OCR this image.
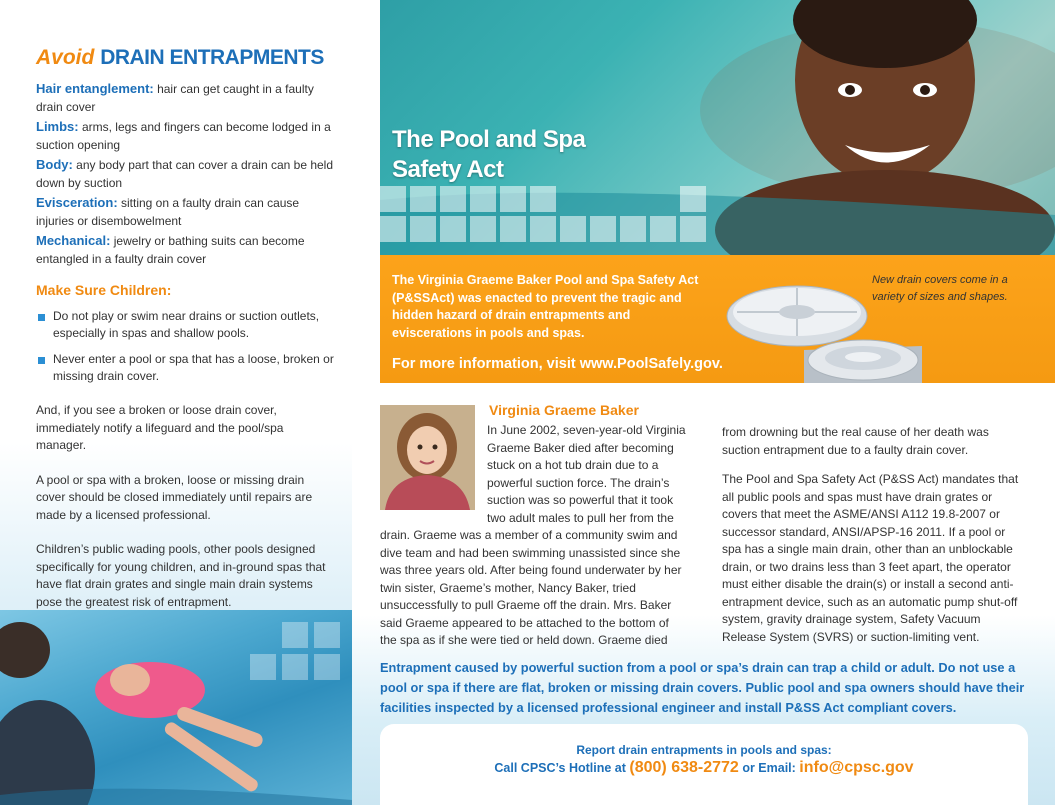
Avoid DRAIN ENTRAPMENTS
Hair entanglement: hair can get caught in a faulty drain cover
Limbs: arms, legs and fingers can become lodged in a suction opening
Body: any body part that can cover a drain can be held down by suction
Evisceration: sitting on a faulty drain can cause injuries or disembowelment
Mechanical: jewelry or bathing suits can become entangled in a faulty drain cover
Make Sure Children:
Do not play or swim near drains or suction outlets, especially in spas and shallow pools.
Never enter a pool or spa that has a loose, broken or missing drain cover.

And, if you see a broken or loose drain cover, immediately notify a lifeguard and the pool/spa manager.

A pool or spa with a broken, loose or missing drain cover should be closed immediately until repairs are made by a licensed professional.

Children’s public wading pools, other pools designed specifically for young children, and in-ground spas that have flat drain grates and single main drain systems pose the greatest risk of entrapment.

The Pool and Spa
Safety Act
The Virginia Graeme Baker Pool and Spa Safety Act (P&SSAct) was enacted to prevent the tragic and hidden hazard of drain entrapments and eviscerations in pools and spas.
For more information, visit www.PoolSafely.gov.
New drain covers come in a variety of sizes and shapes.
Virginia Graeme Baker
In June 2002, seven-year-old Virginia Graeme Baker died after becoming stuck on a hot tub drain due to a powerful suction force. The drain’s suction was so powerful that it took two adult males to pull her from the
drain. Graeme was a member of a community swim and dive team and had been swimming unassisted since she was three years old. After being found underwater by her twin sister, Graeme’s mother, Nancy Baker, tried unsuccessfully to pull Graeme off the drain. Mrs. Baker said Graeme appeared to be attached to the bottom of the spa as if she were tied or held down. Graeme died
from drowning but the real cause of her death was suction entrapment due to a faulty drain cover.
The Pool and Spa Safety Act (P&SS Act) mandates that all public pools and spas must have drain grates or covers that meet the ASME/ANSI A112 19.8-2007 or successor standard, ANSI/APSP-16 2011. If a pool or spa has a single main drain, other than an unblockable drain, or two drains less than 3 feet apart, the operator must either disable the drain(s) or install a second anti-entrapment device, such as an automatic pump shut-off system, gravity drainage system, Safety Vacuum Release System (SVRS) or suction-limiting vent.
Entrapment caused by powerful suction from a pool or spa’s drain can trap a child or adult. Do not use a pool or spa if there are flat, broken or missing drain covers. Public pool and spa owners should have their facilities inspected by a licensed professional engineer and install P&SS Act compliant covers.
Report drain entrapments in pools and spas:
Call CPSC’s Hotline at (800) 638-2772 or Email: info@cpsc.gov
